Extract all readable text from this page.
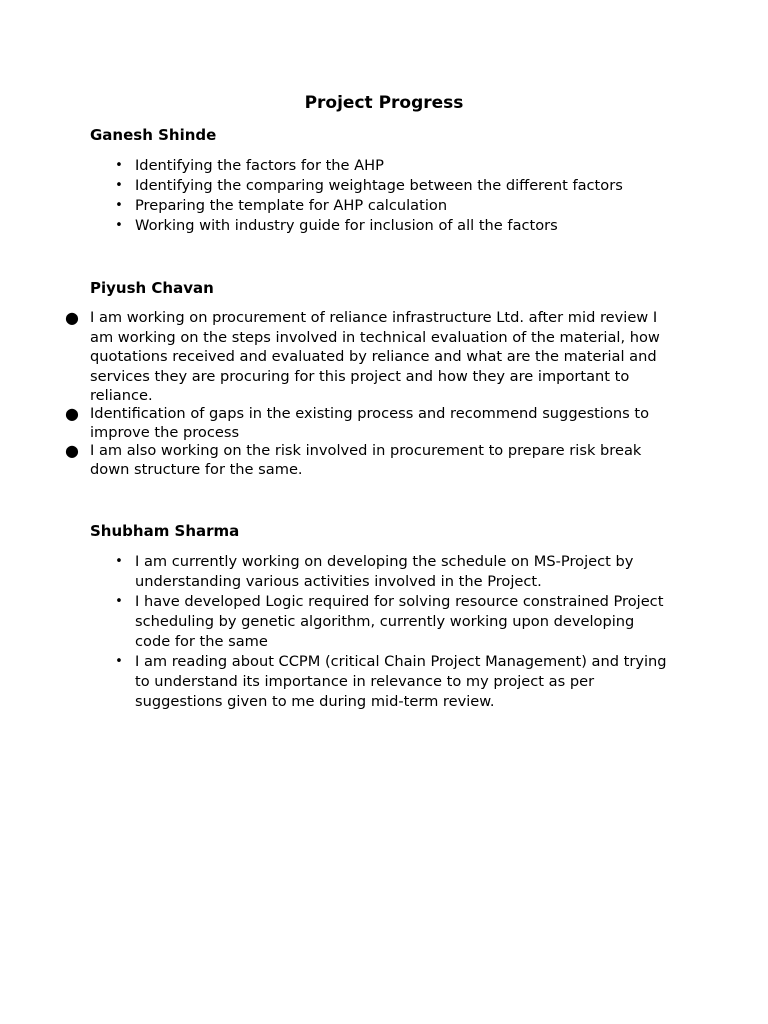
Project Progress
Ganesh Shinde
• Identifying the factors for the AHP
• Identifying the comparing weightage between the different factors
• Preparing the template for AHP calculation
• Working with industry guide for inclusion of all the factors
Piyush Chavan
● I am working on procurement of reliance infrastructure Ltd. after mid review I am working on the steps involved in technical evaluation of the material, how quotations received and evaluated by reliance and what are the material and services they are procuring for this project and how they are important to reliance.
● Identification of gaps in the existing process and recommend suggestions to improve the process
● I am also working on the risk involved in procurement to prepare risk break down structure for the same.
Shubham Sharma
• I am currently working on developing the schedule on MS-Project by understanding various activities involved in the Project.
• I have developed Logic required for solving resource constrained Project scheduling by genetic algorithm, currently working upon developing code for the same
• I am reading about CCPM (critical Chain Project Management) and trying to understand its importance in relevance to my project as per suggestions given to me during mid-term review.
